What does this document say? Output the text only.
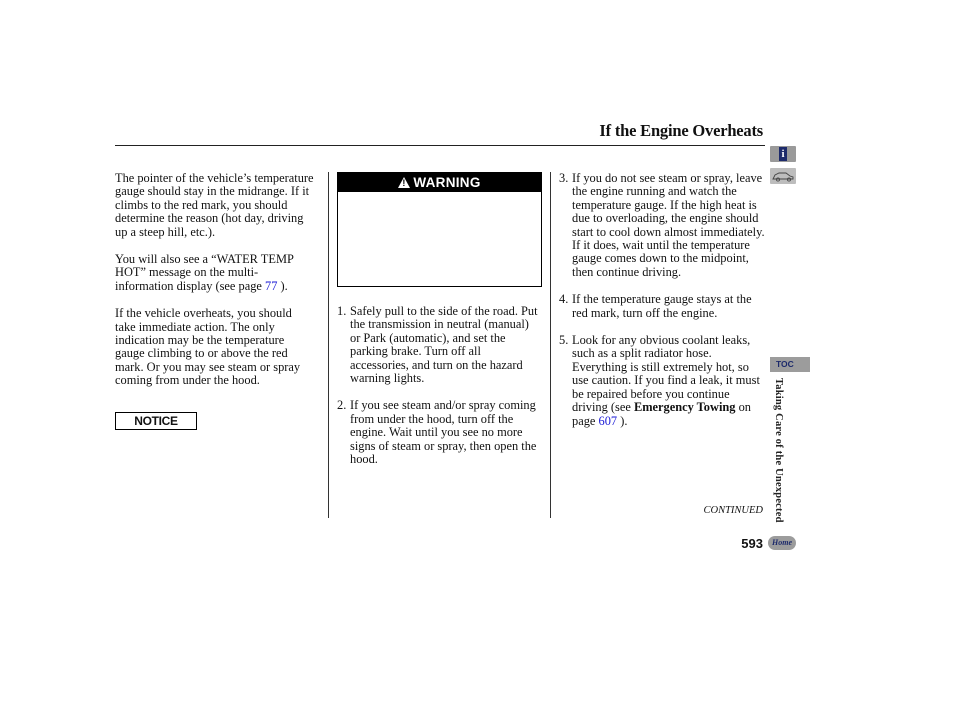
If the Engine Overheats

The pointer of the vehicle’s temperature gauge should stay in the midrange. If it climbs to the red mark, you should determine the reason (hot day, driving up a steep hill, etc.).

You will also see a “WATER TEMP HOT” message on the multi-information display (see page 77 ).

If the vehicle overheats, you should take immediate action. The only indication may be the temperature gauge climbing to or above the red mark. Or you may see steam or spray coming from under the hood.

NOTICE
!WARNING
1. Safely pull to the side of the road. Put the transmission in neutral (manual) or Park (automatic), and set the parking brake. Turn off all accessories, and turn on the hazard warning lights.
2. If you see steam and/or spray coming from under the hood, turn off the engine. Wait until you see no more signs of steam or spray, then open the hood.
3. If you do not see steam or spray, leave the engine running and watch the temperature gauge. If the high heat is due to overloading, the engine should start to cool down almost immediately. If it does, wait until the temperature gauge comes down to the midpoint, then continue driving.
4. If the temperature gauge stays at the red mark, turn off the engine.
5. Look for any obvious coolant leaks, such as a split radiator hose. Everything is still extremely hot, so use caution. If you find a leak, it must be repaired before you continue driving (see Emergency Towing on page 607 ).
CONTINUED
593
i
TOC
Taking Care of the Unexpected
Home
